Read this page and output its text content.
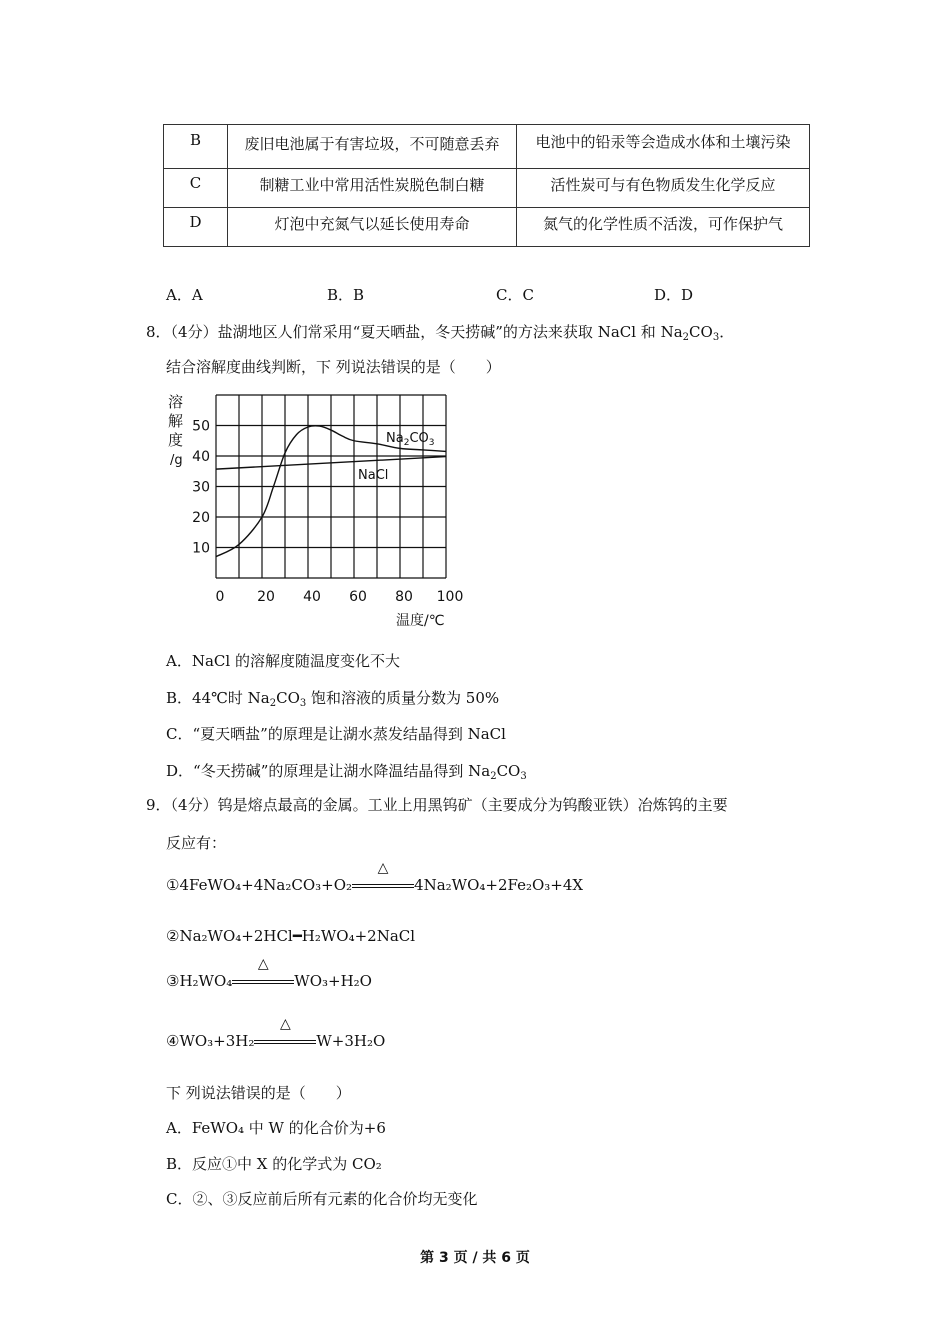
B	废旧电池属于有害垃圾，不可随意丢弃	电池中的铅汞等会造成水体和土壤污染
C	制糖工业中常用活性炭脱色制白糖	活性炭可与有色物质发生化学反应
D	灯泡中充氮气以延长使用寿命	氮气的化学性质不活泼，可作保护气
A．A	B．B	C．C	D．D
8．（4分）盐湖地区人们常采用“夏天晒盐，冬天捞碱”的方法来获取 NaCl 和 $Na_2CO_3$．
结合溶解度曲线判断，下 列说法错误的是（　　）
溶
解
度
/g
10
20
30
40
50
0 20 40 60 80 100
$Na_2CO_3$
NaCl
温度/℃
A．NaCl 的溶解度随温度变化不大
B．44℃时 $Na_2CO_3$ 饱和溶液的质量分数为 50%
C．“夏天晒盐”的原理是让湖水蒸发结晶得到 NaCl
D．“冬天捞碱”的原理是让湖水降温结晶得到 $Na_2CO_3$
9．（4分）钨是熔点最高的金属。工业上用黑钨矿（主要成分为钨酸亚铁）冶炼钨的主要
反应有：
①4FeWO₄+4Na₂CO₃+O₂
△
4Na₂WO₄+2Fe₂O₃+4X
②Na₂WO₄+2HCl━H₂WO₄+2NaCl
③H₂WO₄
△
WO₃+H₂O
④WO₃+3H₂
△
W+3H₂O
下 列说法错误的是（　　）
A．FeWO₄ 中 W 的化合价为+6
B．反应①中 X 的化学式为 CO₂
C．②、③反应前后所有元素的化合价均无变化
第 3 页 / 共 6 页
